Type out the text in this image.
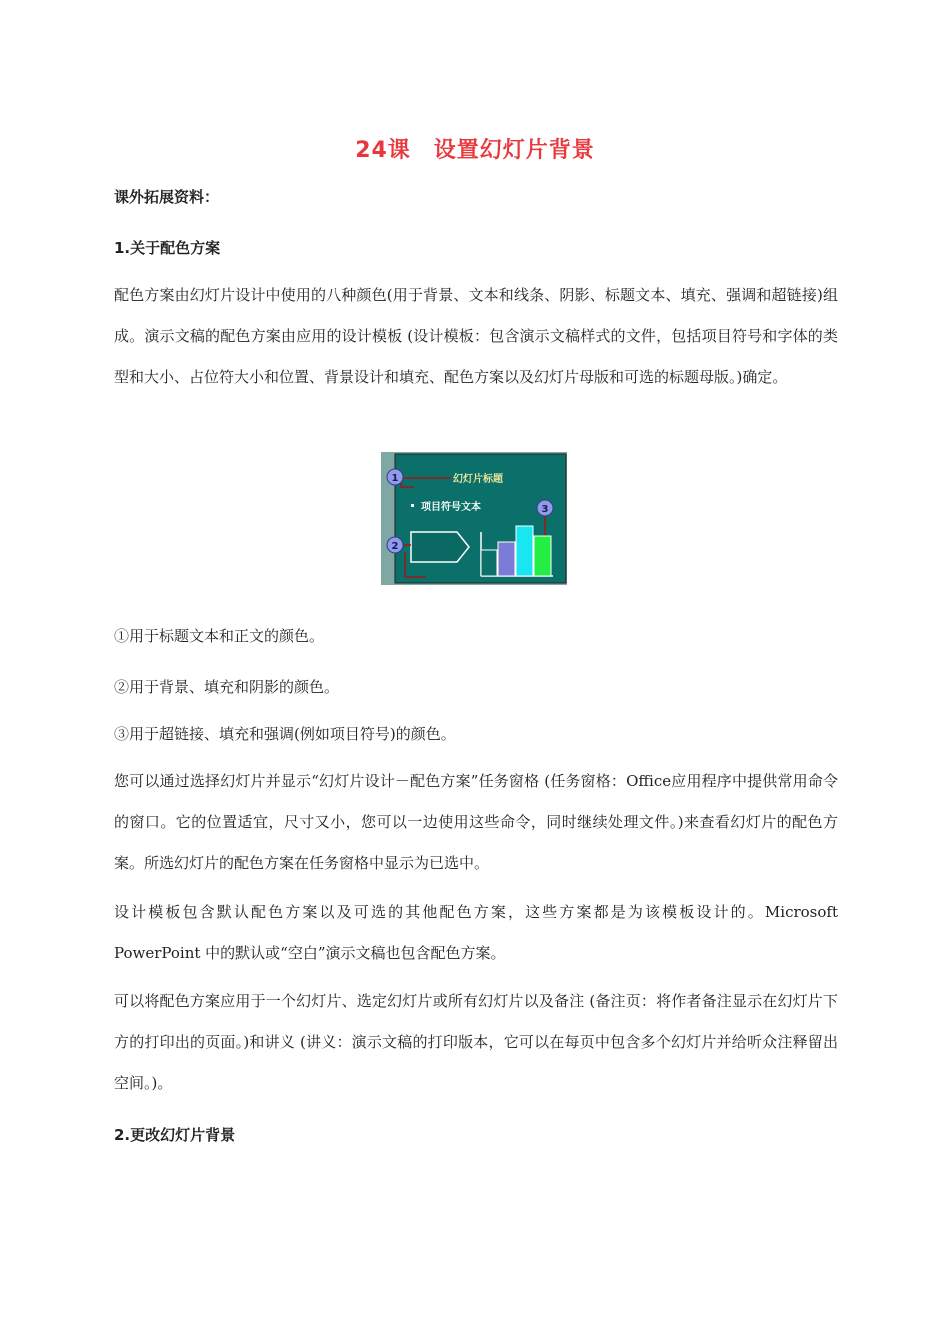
24课　设置幻灯片背景
课外拓展资料：
1.关于配色方案
配色方案由幻灯片设计中使用的八种颜色(用于背景、文本和线条、阴影、标题文本、填充、强调和超链接)组成。演示文稿的配色方案由应用的设计模板 (设计模板：包含演示文稿样式的文件，包括项目符号和字体的类型和大小、占位符大小和位置、背景设计和填充、配色方案以及幻灯片母版和可选的标题母版。)确定。
幻灯片标题
1
项目符号文本	3
2
①用于标题文本和正文的颜色。
②用于背景、填充和阴影的颜色。
③用于超链接、填充和强调(例如项目符号)的颜色。
您可以通过选择幻灯片并显示“幻灯片设计－配色方案”任务窗格 (任务窗格：Office应用程序中提供常用命令的窗口。它的位置适宜，尺寸又小，您可以一边使用这些命令，同时继续处理文件。)来查看幻灯片的配色方案。所选幻灯片的配色方案在任务窗格中显示为已选中。
设计模板包含默认配色方案以及可选的其他配色方案，这些方案都是为该模板设计的。Microsoft PowerPoint 中的默认或“空白”演示文稿也包含配色方案。
可以将配色方案应用于一个幻灯片、选定幻灯片或所有幻灯片以及备注 (备注页：将作者备注显示在幻灯片下方的打印出的页面。)和讲义 (讲义：演示文稿的打印版本，它可以在每页中包含多个幻灯片并给听众注释留出空间。)。
2.更改幻灯片背景
